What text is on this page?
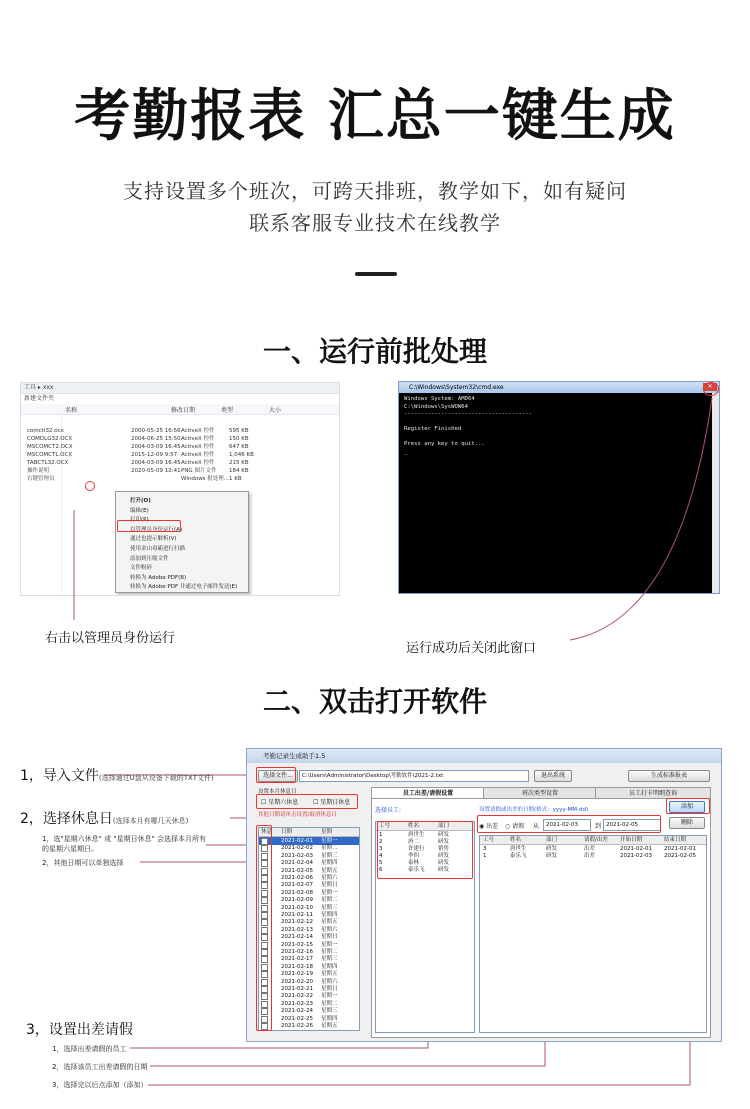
考勤报表 汇总一键生成
支持设置多个班次，可跨天排班，教学如下，如有疑问
联系客服专业技术在线教学
一、运行前批处理
工具 ▸ xxx
新建文件夹
名称	修改日期	类型	大小
comctl32.ocx	2000-05-25 16:56 ActiveX 控件	595 KB
COMDLG32.OCX	2004-06-25 15:50 ActiveX 控件	150 KB
MSCOMCT2.OCX	2004-03-09 16:45 ActiveX 控件	647 KB
MSCOMCTL.OCX	2015-12-09 9:57 ActiveX 控件	1,046 KB
TABCTL32.OCX	2004-03-09 16:45 ActiveX 控件	215 KB
操作说明	2020-05-09 12:41 PNG 图片文件 184 KB
右键管理员	Windows 批处理... 1 KB
打开(O)
编辑(E)
打印(P)
以管理员身份运行(A)
通过也提示解析(V)
使用金山毒霸进行扫描
添加到压缩文件
文件粉碎
转换为 Adobe PDF(B)
转换为 Adobe PDF 并通过电子邮件发送(E)
C:\Windows\System32\cmd.exe	✕
Windows System: AMD64
C:\Windows\SysWOW64
--------------------------------------

Register Finished

Press any key to quit...
_
右击以管理员身份运行
运行成功后关闭此窗口
二、双击打开软件
1，导入文件(选择通过U盘从设备下载的TXT文件)
2，选择休息日(选择本月有哪几天休息)
1，选"星期六休息" 或 "星期日休息" 会选择本月所有的星期六星期日。
2，其他日期可以单独选择
3，设置出差请假
1，选择出差请假的员工
2，选择该员工出差请假的日期
3，选择完以后点添加（添加）
考勤记录生成助手1.5
选择文件...	C:\Users\Administrator\Desktop\考勤软件\2021-2.txt	退出系统	生成标准报表
设置本月休息日
☐ 星期六休息 ☐ 星期日休息
其他日期请单击设置/取消休息日
休息 日期	星期
2021-02-01 星期一
2021-02-02 星期二
2021-02-03 星期三
2021-02-04 星期四
2021-02-05 星期五
2021-02-06 星期六
2021-02-07 星期日
2021-02-08 星期一
2021-02-09 星期二
2021-02-10 星期三
2021-02-11 星期四
2021-02-12 星期五
2021-02-13 星期六
2021-02-14 星期日
2021-02-15 星期一
2021-02-16 星期二
2021-02-17 星期三
2021-02-18 星期四
2021-02-19 星期五
2021-02-20 星期六
2021-02-21 星期日
2021-02-22 星期一
2021-02-23 星期二
2021-02-24 星期三
2021-02-25 星期四
2021-02-26 星期五
员工出差/请假设置	班次类型设置	员工打卡明细查询
选择员工:	设置请假或出差的日期(格式：yyyy-MM-dd)
工号	姓名	部门
1	唐世生 研发
2	唐二	研发
3	许建行 销售
4	李四	研发
5	泰林	研发
6	泰乐飞 研发
◉ 出差 ○ 请假 从	2021-02-03	到 2021-02-05
添加
删除
工号	姓名	部门	请假/出差 开始日期	结束日期
3	唐世生	研发	出差	2021-02-01 2021-02-01
1	泰乐飞	研发	出差	2021-02-03 2021-02-05
